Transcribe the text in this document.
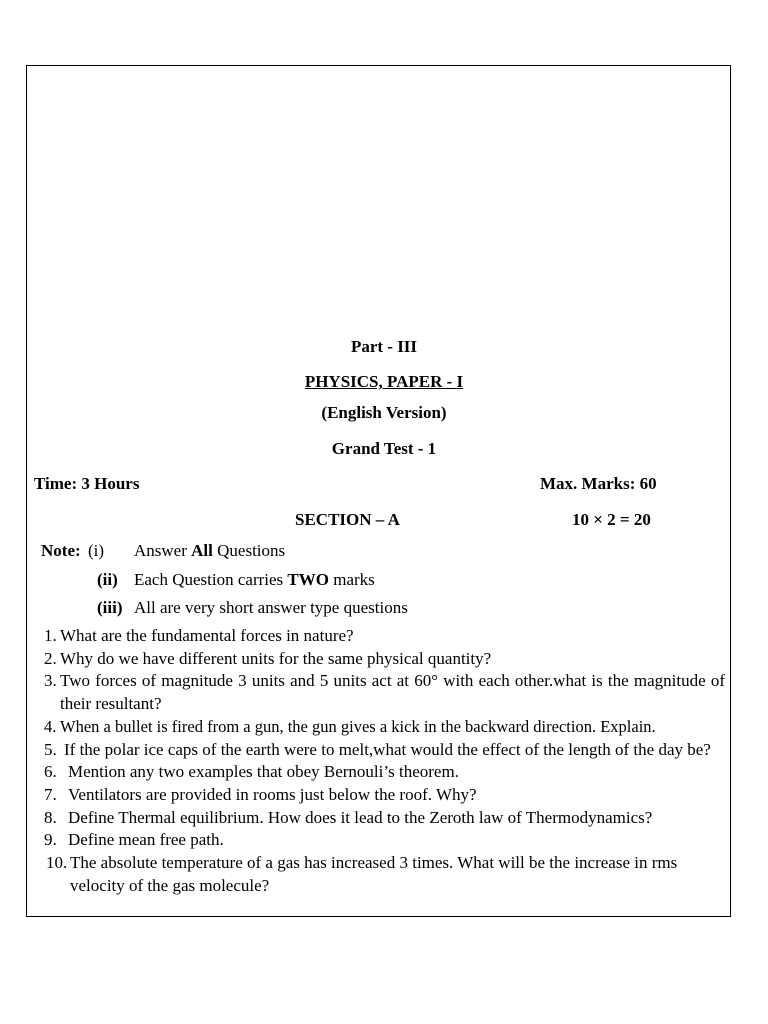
Part - III
PHYSICS, PAPER - I
(English Version)
Grand Test - 1
Time: 3 Hours	Max. Marks: 60
SECTION – A	10 × 2 = 20
Note: (i) Answer All Questions
(ii) Each Question carries TWO marks
(iii) All are very short answer type questions
1. What are the fundamental forces in nature?
2. Why do we have different units for the same physical quantity?
3. Two forces of magnitude 3 units and 5 units act at 60° with each other.what is the magnitude of their resultant?
4. When a bullet is fired from a gun, the gun gives a kick in the backward direction. Explain.
5. If the polar ice caps of the earth were to melt,what would the effect of the length of the day be?
6. Mention any two examples that obey Bernouli’s theorem.
7. Ventilators are provided in rooms just below the roof. Why?
8. Define Thermal equilibrium. How does it lead to the Zeroth law of Thermodynamics?
9. Define mean free path.
10. The absolute temperature of a gas has increased 3 times. What will be the increase in rms velocity of the gas molecule?
